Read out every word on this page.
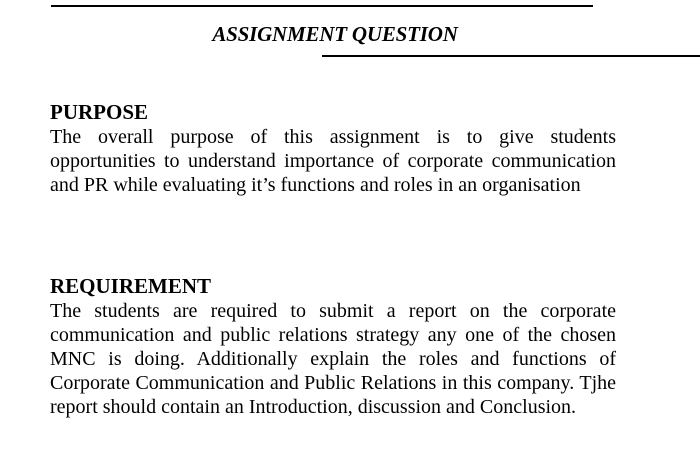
ASSIGNMENT QUESTION
PURPOSE

The overall purpose of this assignment is to give students opportunities to understand importance of corporate communication and PR while evaluating it’s functions and roles in an organisation

REQUIREMENT

The students are required to submit a report on the corporate communication and public relations strategy any one of the chosen MNC is doing. Additionally explain the roles and functions of Corporate Communication and Public Relations in this company. Tjhe report should contain an Introduction, discussion and Conclusion.
